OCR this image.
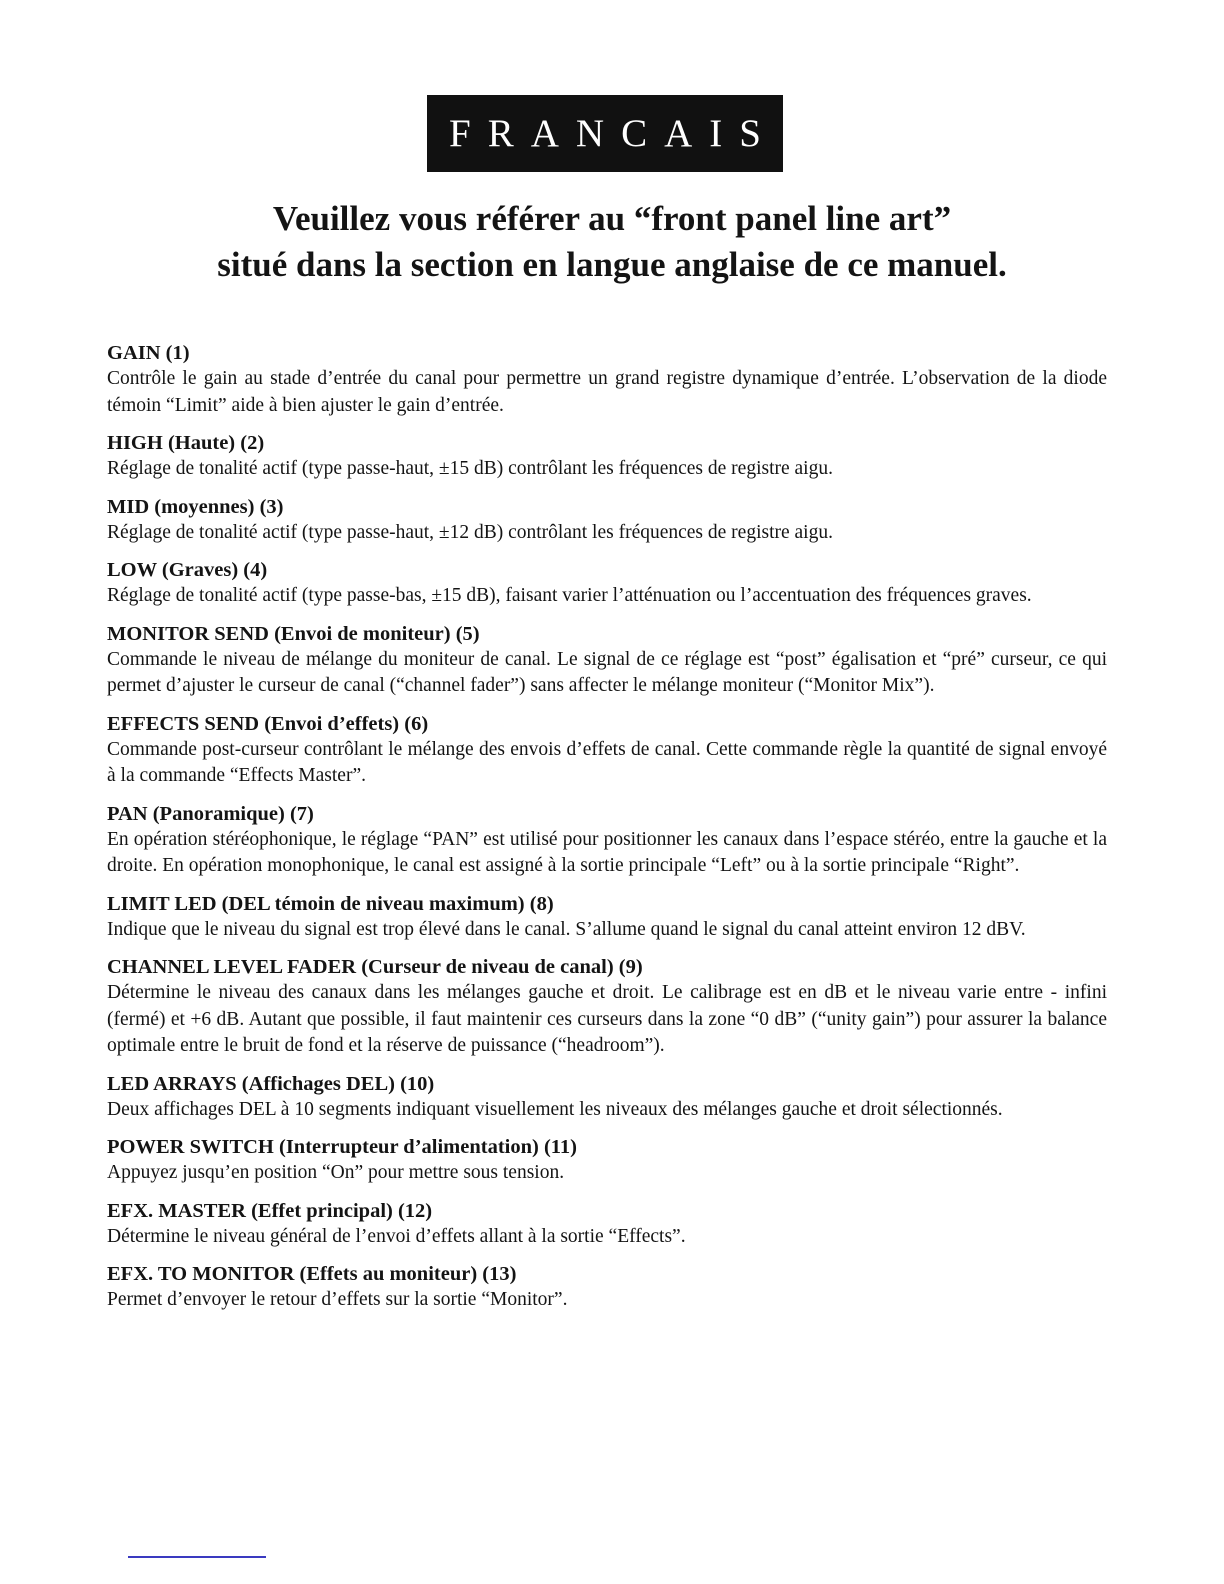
FRANCAIS
Veuillez vous référer au “front panel line art”
situé dans la section en langue anglaise de ce manuel.

GAIN (1)

Contrôle le gain au stade d’entrée du canal pour permettre un grand registre dynamique d’entrée. L’observation de la diode témoin “Limit” aide à bien ajuster le gain d’entrée.

HIGH (Haute) (2)

Réglage de tonalité actif (type passe-haut, ±15 dB) contrôlant les fréquences de registre aigu.

MID (moyennes) (3)

Réglage de tonalité actif (type passe-haut, ±12 dB) contrôlant les fréquences de registre aigu.

LOW (Graves) (4)

Réglage de tonalité actif (type passe-bas, ±15 dB), faisant varier l’atténuation ou l’accentuation des fréquences graves.

MONITOR SEND (Envoi de moniteur) (5)

Commande le niveau de mélange du moniteur de canal. Le signal de ce réglage est “post” égalisation et “pré” curseur, ce qui permet d’ajuster le curseur de canal (“channel fader”) sans affecter le mélange moniteur (“Monitor Mix”).

EFFECTS SEND (Envoi d’effets) (6)

Commande post-curseur contrôlant le mélange des envois d’effets de canal. Cette commande règle la quantité de signal envoyé à la commande “Effects Master”.

PAN (Panoramique) (7)

En opération stéréophonique, le réglage “PAN” est utilisé pour positionner les canaux dans l’espace stéréo, entre la gauche et la droite. En opération monophonique, le canal est assigné à la sortie principale “Left” ou à la sortie principale “Right”.

LIMIT LED (DEL témoin de niveau maximum) (8)

Indique que le niveau du signal est trop élevé dans le canal. S’allume quand le signal du canal atteint environ 12 dBV.

CHANNEL LEVEL FADER (Curseur de niveau de canal) (9)

Détermine le niveau des canaux dans les mélanges gauche et droit. Le calibrage est en dB et le niveau varie entre - infini (fermé) et +6 dB. Autant que possible, il faut maintenir ces curseurs dans la zone “0 dB” (“unity gain”) pour assurer la balance optimale entre le bruit de fond et la réserve de puissance (“headroom”).

LED ARRAYS (Affichages DEL) (10)

Deux affichages DEL à 10 segments indiquant visuellement les niveaux des mélanges gauche et droit sélectionnés.

POWER SWITCH (Interrupteur d’alimentation) (11)

Appuyez jusqu’en position “On” pour mettre sous tension.

EFX. MASTER (Effet principal) (12)

Détermine le niveau général de l’envoi d’effets allant à la sortie “Effects”.

EFX. TO MONITOR (Effets au moniteur) (13)

Permet d’envoyer le retour d’effets sur la sortie “Monitor”.
